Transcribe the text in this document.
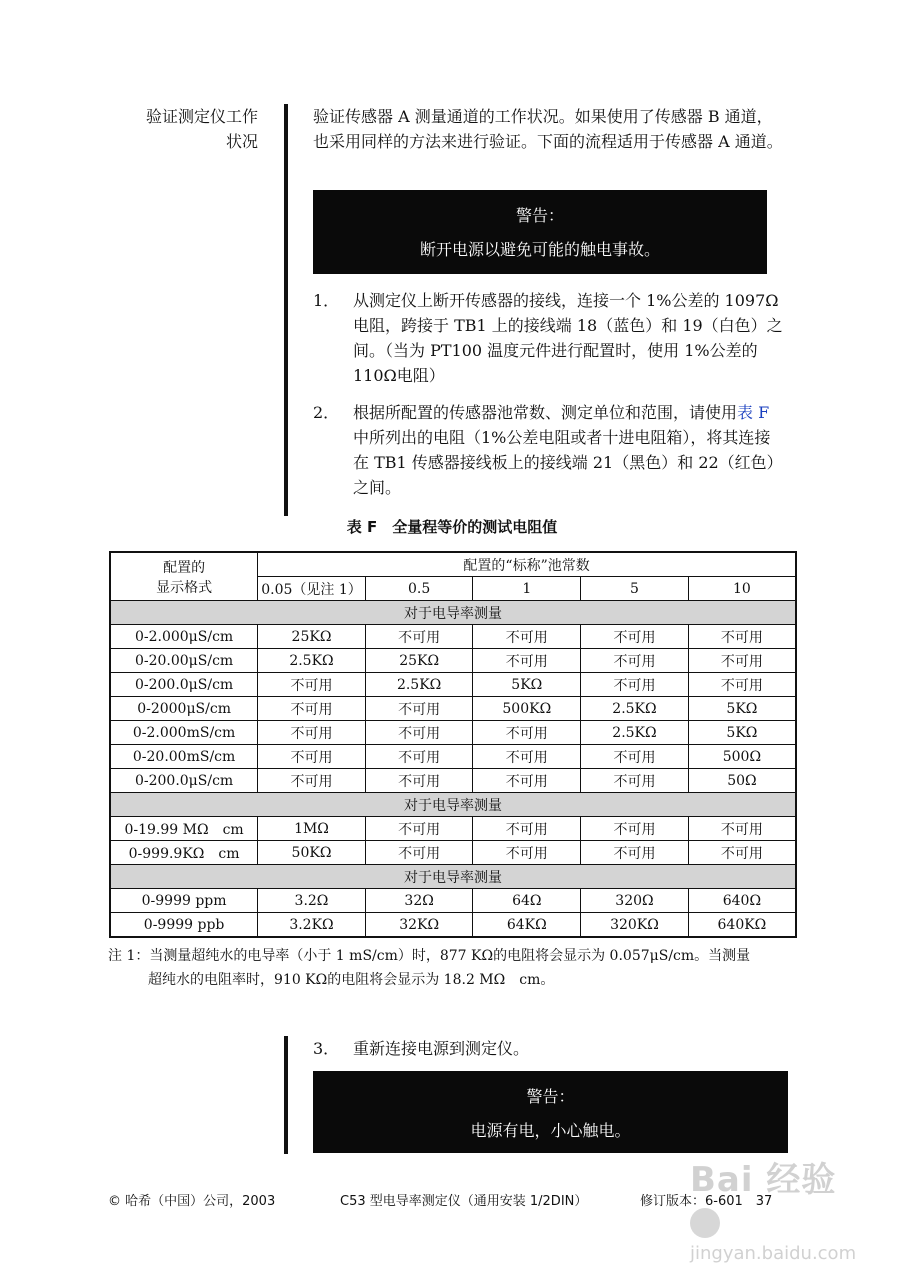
验证测定仪工作
状况
验证传感器 A 测量通道的工作状况。如果使用了传感器 B 通道，也采用同样的方法来进行验证。下面的流程适用于传感器 A 通道。
警告：
断开电源以避免可能的触电事故。
1． 从测定仪上断开传感器的接线，连接一个 1%公差的 1097Ω电阻，跨接于 TB1 上的接线端 18（蓝色）和 19（白色）之间。（当为 PT100 温度元件进行配置时，使用 1%公差的 110Ω电阻）
2． 根据所配置的传感器池常数、测定单位和范围，请使用表 F 中所列出的电阻（1%公差电阻或者十进电阻箱），将其连接在 TB1 传感器接线板上的接线端 21（黑色）和 22（红色）之间。
表 F　全量程等价的测试电阻值
配置的
显示格式	配置的“标称”池常数				
	0.05（见注 1）	0.5	1	5	10
对于电导率测量					
0-2.000μS/cm	25KΩ	不可用	不可用	不可用	不可用
0-20.00μS/cm	2.5KΩ	25KΩ	不可用	不可用	不可用
0-200.0μS/cm	不可用	2.5KΩ	5KΩ	不可用	不可用
0-2000μS/cm	不可用	不可用	500KΩ	2.5KΩ	5KΩ
0-2.000mS/cm	不可用	不可用	不可用	2.5KΩ	5KΩ
0-20.00mS/cm	不可用	不可用	不可用	不可用	500Ω
0-200.0μS/cm	不可用	不可用	不可用	不可用	50Ω
对于电导率测量					
0-19.99 MΩ　cm	1MΩ	不可用	不可用	不可用	不可用
0-999.9KΩ　cm	50KΩ	不可用	不可用	不可用	不可用
对于电导率测量					
0-9999 ppm	3.2Ω	32Ω	64Ω	320Ω	640Ω
0-9999 ppb	3.2KΩ	32KΩ	64KΩ	320KΩ	640KΩ
注 1：当测量超纯水的电导率（小于 1 mS/cm）时，877 KΩ的电阻将会显示为 0.057μS/cm。当测量
超纯水的电阻率时，910 KΩ的电阻将会显示为 18.2 MΩ　cm。
3． 重新连接电源到测定仪。
警告：
电源有电，小心触电。
© 哈希（中国）公司，2003	C53 型电导率测定仪（通用安装 1/2DIN）	修订版本：6-601　37
Bai 经验
jingyan.baidu.com
